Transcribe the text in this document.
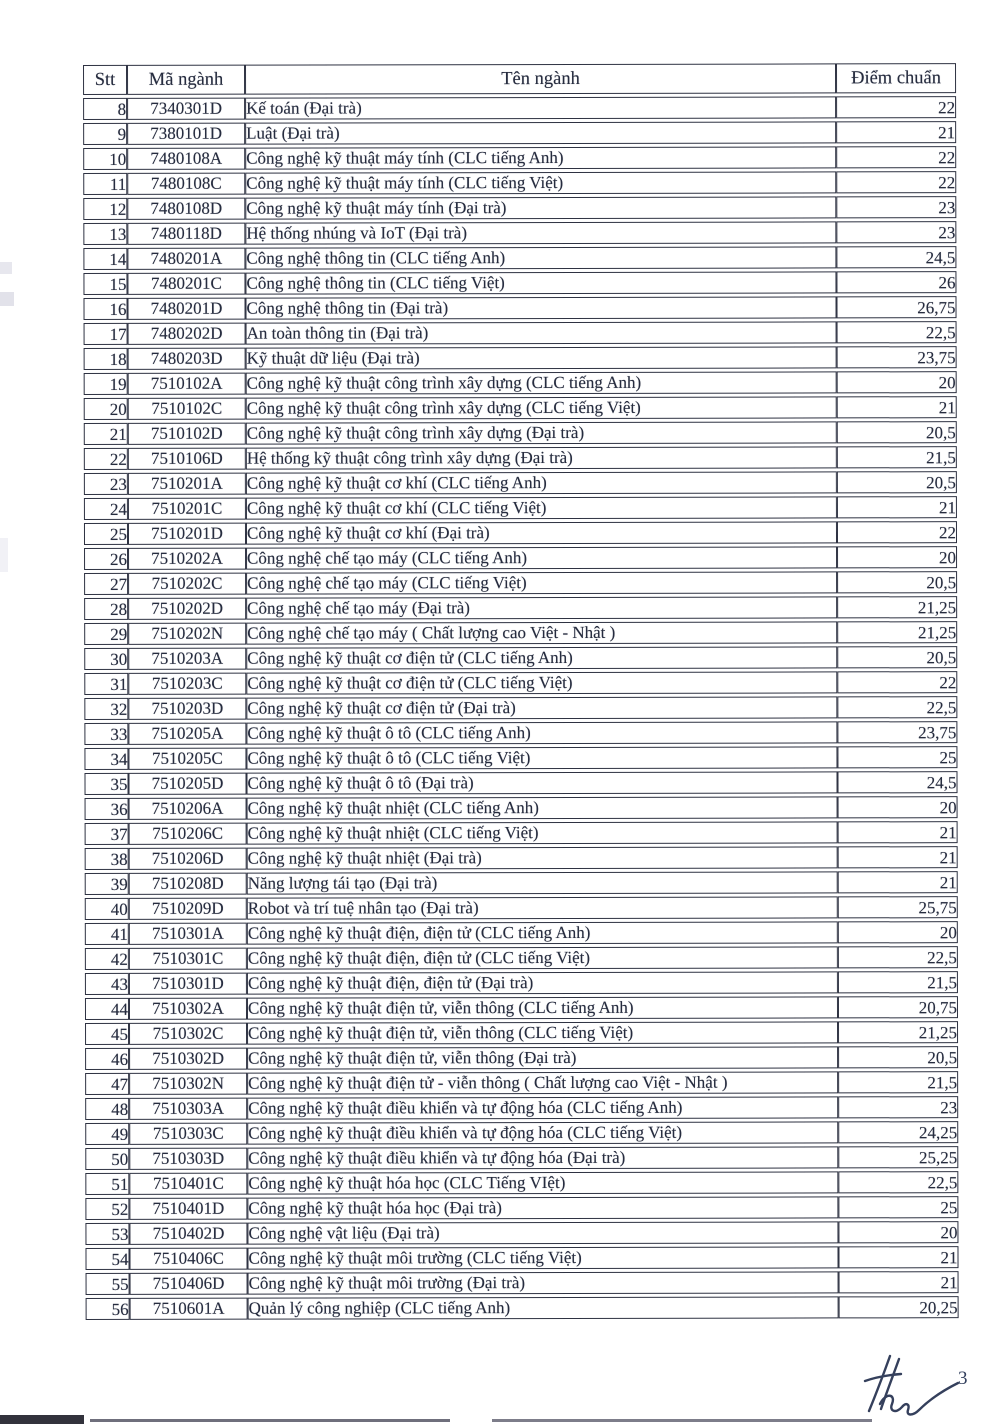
Stt	Mã ngành	Tên ngành	Điểm chuẩn
8	7340301D	Kế toán (Đại trà)	22
9	7380101D	Luật (Đại trà)	21
10	7480108A	Công nghệ kỹ thuật máy tính (CLC tiếng Anh)	22
11	7480108C	Công nghệ kỹ thuật máy tính (CLC tiếng Việt)	22
12	7480108D	Công nghệ kỹ thuật máy tính (Đại trà)	23
13	7480118D	Hệ thống nhúng và IoT (Đại trà)	23
14	7480201A	Công nghệ thông tin (CLC tiếng Anh)	24,5
15	7480201C	Công nghệ thông tin (CLC tiếng Việt)	26
16	7480201D	Công nghệ thông tin (Đại trà)	26,75
17	7480202D	An toàn thông tin (Đại trà)	22,5
18	7480203D	Kỹ thuật dữ liệu (Đại trà)	23,75
19	7510102A	Công nghệ kỹ thuật công trình xây dựng (CLC tiếng Anh)	20
20	7510102C	Công nghệ kỹ thuật công trình xây dựng (CLC tiếng Việt)	21
21	7510102D	Công nghệ kỹ thuật công trình xây dựng (Đại trà)	20,5
22	7510106D	Hệ thống kỹ thuật công trình xây dựng (Đại trà)	21,5
23	7510201A	Công nghệ kỹ thuật cơ khí (CLC tiếng Anh)	20,5
24	7510201C	Công nghệ kỹ thuật cơ khí (CLC tiếng Việt)	21
25	7510201D	Công nghệ kỹ thuật cơ khí (Đại trà)	22
26	7510202A	Công nghệ chế tạo máy (CLC tiếng Anh)	20
27	7510202C	Công nghệ chế tạo máy (CLC tiếng Việt)	20,5
28	7510202D	Công nghệ chế tạo máy (Đại trà)	21,25
29	7510202N	Công nghệ chế tạo máy ( Chất lượng cao Việt - Nhật )	21,25
30	7510203A	Công nghệ kỹ thuật cơ điện tử (CLC tiếng Anh)	20,5
31	7510203C	Công nghệ kỹ thuật cơ điện tử (CLC tiếng Việt)	22
32	7510203D	Công nghệ kỹ thuật cơ điện tử (Đại trà)	22,5
33	7510205A	Công nghệ kỹ thuật ô tô (CLC tiếng Anh)	23,75
34	7510205C	Công nghệ kỹ thuật ô tô (CLC tiếng Việt)	25
35	7510205D	Công nghệ kỹ thuật ô tô (Đại trà)	24,5
36	7510206A	Công nghệ kỹ thuật nhiệt (CLC tiếng Anh)	20
37	7510206C	Công nghệ kỹ thuật nhiệt (CLC tiếng Việt)	21
38	7510206D	Công nghệ kỹ thuật nhiệt (Đại trà)	21
39	7510208D	Năng lượng tái tạo (Đại trà)	21
40	7510209D	Robot và trí tuệ nhân tạo (Đại trà)	25,75
41	7510301A	Công nghệ kỹ thuật điện, điện tử (CLC tiếng Anh)	20
42	7510301C	Công nghệ kỹ thuật điện, điện tử (CLC tiếng Việt)	22,5
43	7510301D	Công nghệ kỹ thuật điện, điện tử (Đại trà)	21,5
44	7510302A	Công nghệ kỹ thuật điện tử, viễn thông (CLC tiếng Anh)	20,75
45	7510302C	Công nghệ kỹ thuật điện tử, viễn thông (CLC tiếng Việt)	21,25
46	7510302D	Công nghệ kỹ thuật điện tử, viễn thông (Đại trà)	20,5
47	7510302N	Công nghệ kỹ thuật điện tử - viễn thông ( Chất lượng cao Việt - Nhật )	21,5
48	7510303A	Công nghệ kỹ thuật điều khiển và tự động hóa (CLC tiếng Anh)	23
49	7510303C	Công nghệ kỹ thuật điều khiển và tự động hóa (CLC tiếng Việt)	24,25
50	7510303D	Công nghệ kỹ thuật điều khiển và tự động hóa (Đại trà)	25,25
51	7510401C	Công nghệ kỹ thuật hóa học (CLC Tiếng VIệt)	22,5
52	7510401D	Công nghệ kỹ thuật hóa học (Đại trà)	25
53	7510402D	Công nghệ vật liệu (Đại trà)	20
54	7510406C	Công nghệ kỹ thuật môi trường (CLC tiếng Việt)	21
55	7510406D	Công nghệ kỹ thuật môi trường (Đại trà)	21
56	7510601A	Quản lý công nghiệp (CLC tiếng Anh)	20,25
3
